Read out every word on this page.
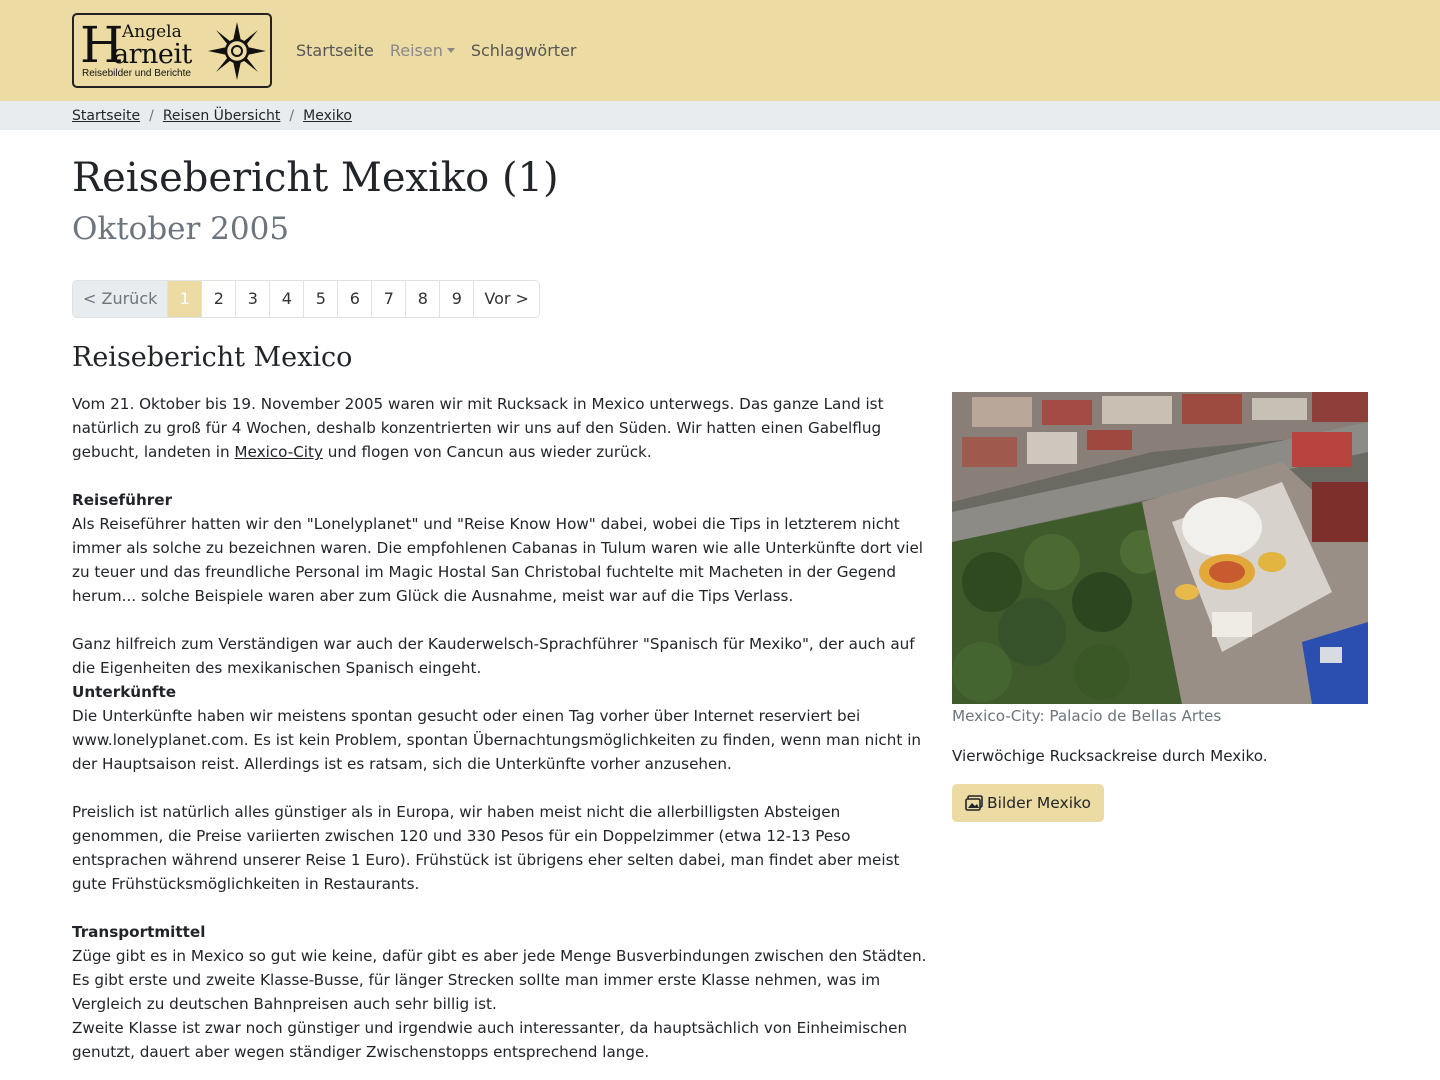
H
Angela
arneit
Reisebilder und Berichte
Startseite Reisen	Schlagwörter
Startseite / Reisen Übersicht / Mexiko
Reisebericht Mexiko (1)
Oktober 2005
< Zurück	1	2	3	4	5	6	7	8	9	Vor >
Reisebericht Mexico

Vom 21. Oktober bis 19. November 2005 waren wir mit Rucksack in Mexico unterwegs. Das ganze Land ist natürlich zu groß für 4 Wochen, deshalb konzentrierten wir uns auf den Süden. Wir hatten einen Gabelflug gebucht, landeten in Mexico-City und flogen von Cancun aus wieder zurück.

Reiseführer

Als Reiseführer hatten wir den "Lonelyplanet" und "Reise Know How" dabei, wobei die Tips in letzterem nicht immer als solche zu bezeichnen waren. Die empfohlenen Cabanas in Tulum waren wie alle Unterkünfte dort viel zu teuer und das freundliche Personal im Magic Hostal San Christobal fuchtelte mit Macheten in der Gegend herum... solche Beispiele waren aber zum Glück die Ausnahme, meist war auf die Tips Verlass.

Ganz hilfreich zum Verständigen war auch der Kauderwelsch-Sprachführer "Spanisch für Mexiko", der auch auf die Eigenheiten des mexikanischen Spanisch eingeht.

Unterkünfte

Die Unterkünfte haben wir meistens spontan gesucht oder einen Tag vorher über Internet reserviert bei www.lonelyplanet.com. Es ist kein Problem, spontan Übernachtungsmöglichkeiten zu finden, wenn man nicht in der Hauptsaison reist. Allerdings ist es ratsam, sich die Unterkünfte vorher anzusehen.

Preislich ist natürlich alles günstiger als in Europa, wir haben meist nicht die allerbilligsten Absteigen genommen, die Preise variierten zwischen 120 und 330 Pesos für ein Doppelzimmer (etwa 12-13 Peso entsprachen während unserer Reise 1 Euro). Frühstück ist übrigens eher selten dabei, man findet aber meist gute Frühstücksmöglichkeiten in Restaurants.

Transportmittel

Züge gibt es in Mexico so gut wie keine, dafür gibt es aber jede Menge Busverbindungen zwischen den Städten. Es gibt erste und zweite Klasse-Busse, für länger Strecken sollte man immer erste Klasse nehmen, was im Vergleich zu deutschen Bahnpreisen auch sehr billig ist.

Zweite Klasse ist zwar noch günstiger und irgendwie auch interessanter, da hauptsächlich von Einheimischen genutzt, dauert aber wegen ständiger Zwischenstopps entsprechend lange.

Mexico-City: Palacio de Bellas Artes
Vierwöchige Rucksackreise durch Mexiko.
Bilder Mexiko
